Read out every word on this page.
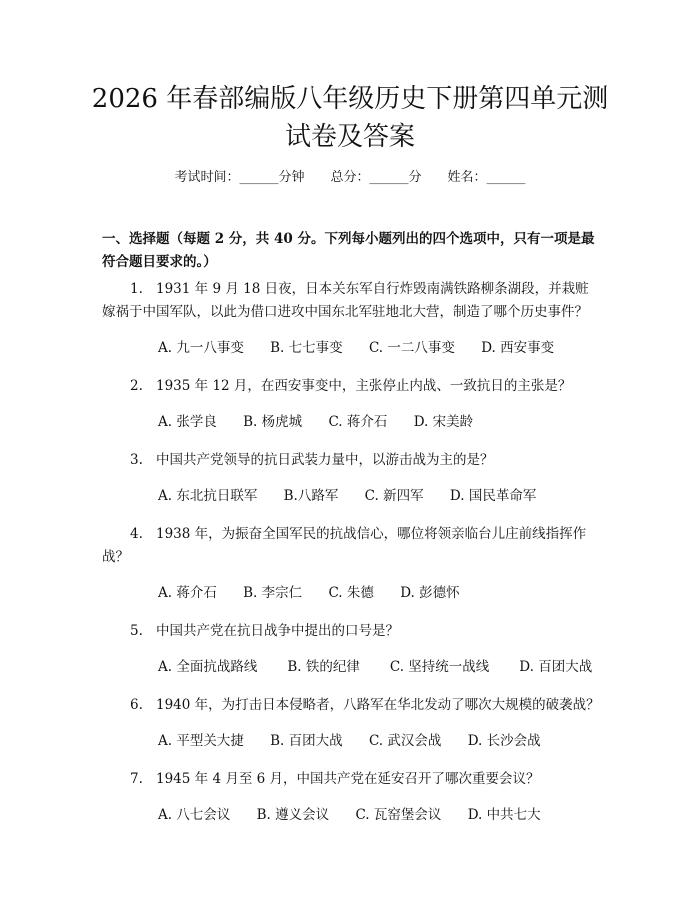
2026 年春部编版八年级历史下册第四单元测
试卷及答案
考试时间：______分钟 总分：______分 姓名：______

一、选择题（每题 2 分，共 40 分。下列每小题列出的四个选项中，只有一项是最符合题目要求的。）

1. 1931 年 9 月 18 日夜，日本关东军自行炸毁南满铁路柳条湖段，并栽赃嫁祸于中国军队，以此为借口进攻中国东北军驻地北大营，制造了哪个历史事件？

A. 九一八事变 B. 七七事变 C. 一二八事变 D. 西安事变

2. 1935 年 12 月，在西安事变中，主张停止内战、一致抗日的主张是？

A. 张学良 B. 杨虎城 C. 蒋介石 D. 宋美龄

3. 中国共产党领导的抗日武装力量中，以游击战为主的是？

A. 东北抗日联军 B.八路军 C. 新四军 D. 国民革命军

4. 1938 年，为振奋全国军民的抗战信心，哪位将领亲临台儿庄前线指挥作战？

A. 蒋介石 B. 李宗仁 C. 朱德 D. 彭德怀

5. 中国共产党在抗日战争中提出的口号是？

A. 全面抗战路线 B. 铁的纪律 C. 坚持统一战线 D. 百团大战

6. 1940 年，为打击日本侵略者，八路军在华北发动了哪次大规模的破袭战？

A. 平型关大捷 B. 百团大战 C. 武汉会战 D. 长沙会战

7. 1945 年 4 月至 6 月，中国共产党在延安召开了哪次重要会议？

A. 八七会议 B. 遵义会议 C. 瓦窑堡会议 D. 中共七大
